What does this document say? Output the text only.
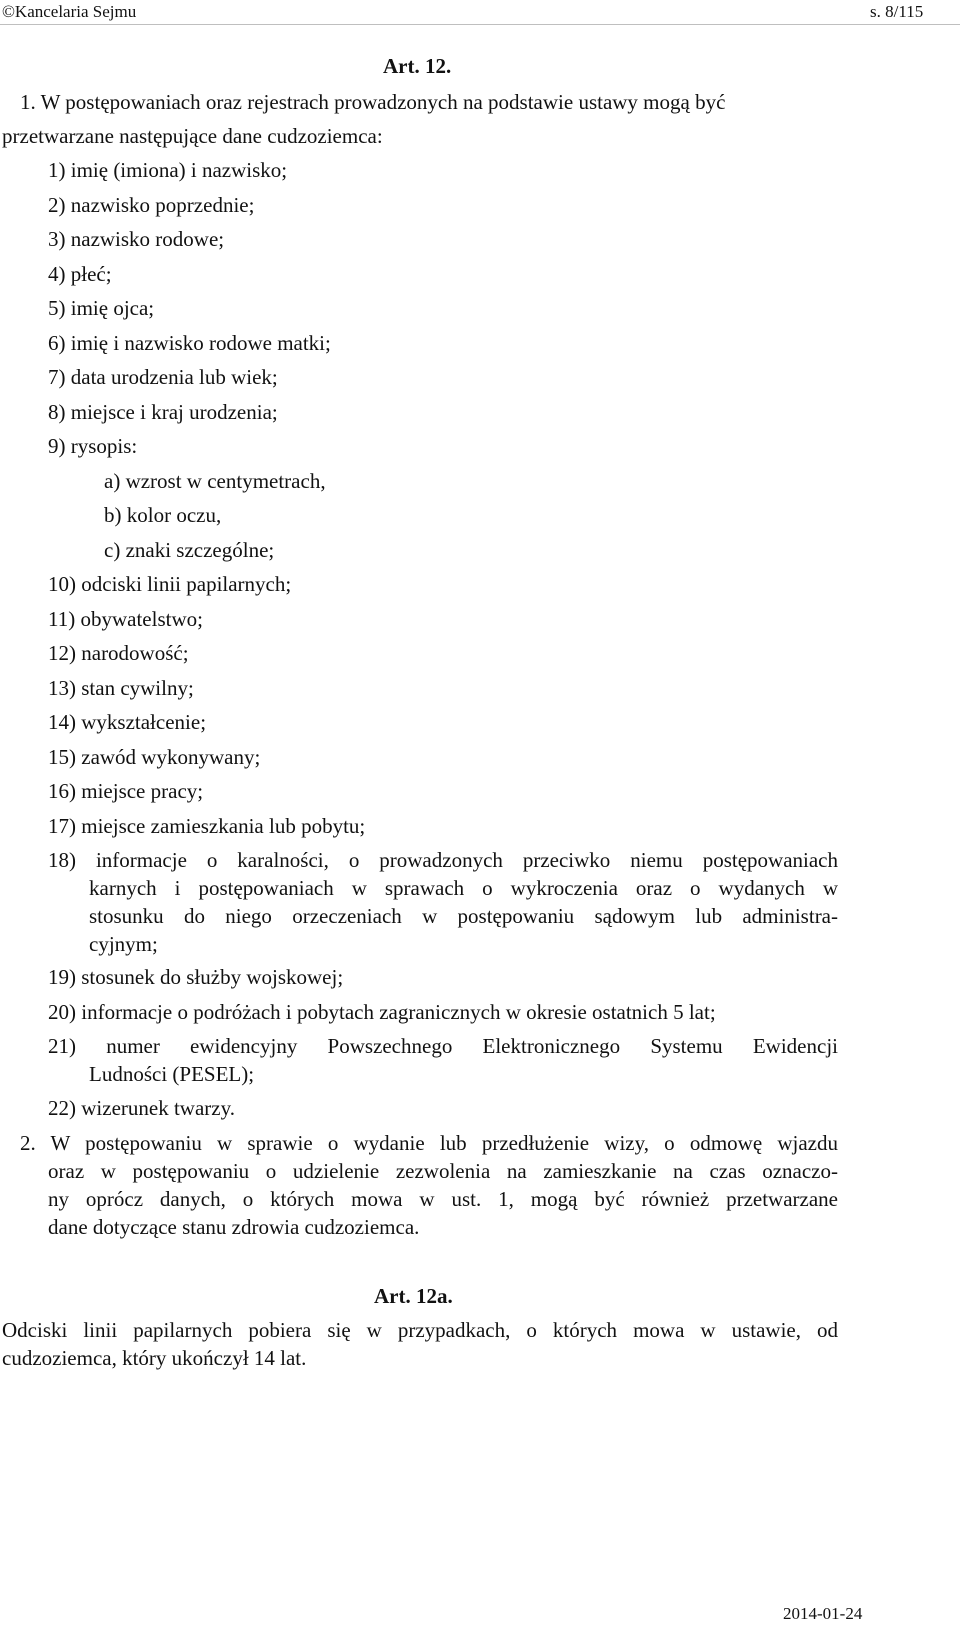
©Kancelaria Sejmu	s. 8/115
Art. 12.
1. W postępowaniach oraz rejestrach prowadzonych na podstawie ustawy mogą być
przetwarzane następujące dane cudzoziemca:
1) imię (imiona) i nazwisko;
2) nazwisko poprzednie;
3) nazwisko rodowe;
4) płeć;
5) imię ojca;
6) imię i nazwisko rodowe matki;
7) data urodzenia lub wiek;
8) miejsce i kraj urodzenia;
9) rysopis:
a) wzrost w centymetrach,
b) kolor oczu,
c) znaki szczególne;
10) odciski linii papilarnych;
11) obywatelstwo;
12) narodowość;
13) stan cywilny;
14) wykształcenie;
15) zawód wykonywany;
16) miejsce pracy;
17) miejsce zamieszkania lub pobytu;
18) informacje o karalności, o prowadzonych przeciwko niemu postępowaniach
karnych i postępowaniach w sprawach o wykroczenia oraz o wydanych w
stosunku do niego orzeczeniach w postępowaniu sądowym lub administra-
cyjnym;
19) stosunek do służby wojskowej;
20) informacje o podróżach i pobytach zagranicznych w okresie ostatnich 5 lat;
21) numer ewidencyjny Powszechnego Elektronicznego Systemu Ewidencji
Ludności (PESEL);
22) wizerunek twarzy.
2. W postępowaniu w sprawie o wydanie lub przedłużenie wizy, o odmowę wjazdu
oraz w postępowaniu o udzielenie zezwolenia na zamieszkanie na czas oznaczo-
ny oprócz danych, o których mowa w ust. 1, mogą być również przetwarzane
dane dotyczące stanu zdrowia cudzoziemca.
Art. 12a.
Odciski linii papilarnych pobiera się w przypadkach, o których mowa w ustawie, od
cudzoziemca, który ukończył 14 lat.
2014-01-24
